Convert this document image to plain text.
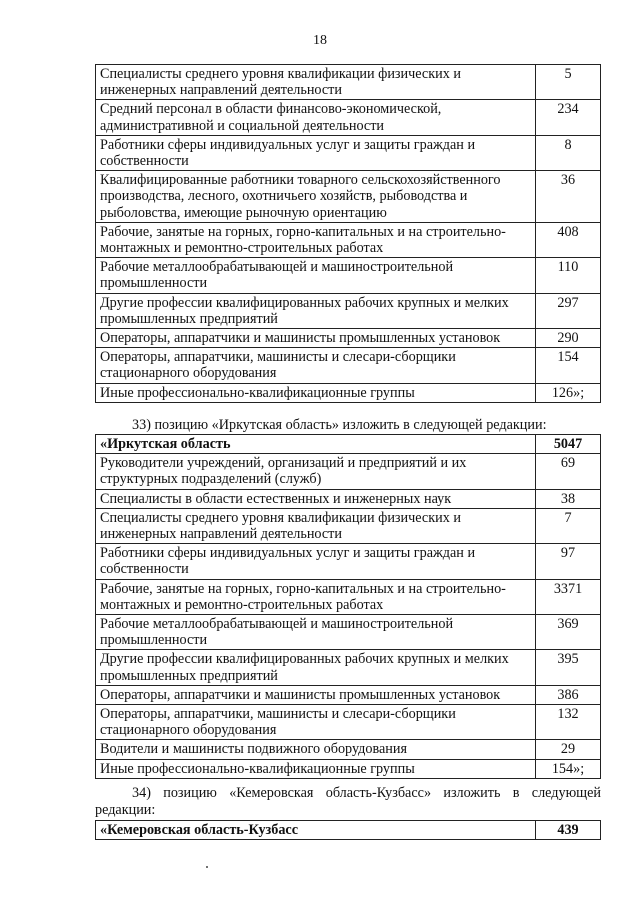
18
Специалисты среднего уровня квалификации физических и инженерных направлений деятельности	5
Средний персонал в области финансово-экономической, административной и социальной деятельности	234
Работники сферы индивидуальных услуг и защиты граждан и собственности	8
Квалифицированные работники товарного сельскохозяйственного производства, лесного, охотничьего хозяйств, рыбоводства и рыболовства, имеющие рыночную ориентацию	36
Рабочие, занятые на горных, горно-капитальных и на строительно-монтажных и ремонтно-строительных работах	408
Рабочие металлообрабатывающей и машиностроительной промышленности	110
Другие профессии квалифицированных рабочих крупных и мелких промышленных предприятий	297
Операторы, аппаратчики и машинисты промышленных установок	290
Операторы, аппаратчики, машинисты и слесари-сборщики стационарного оборудования	154
Иные профессионально-квалификационные группы	126»;
33) позицию «Иркутская область» изложить в следующей редакции:
«Иркутская область	5047
Руководители учреждений, организаций и предприятий и их структурных подразделений (служб)	69
Специалисты в области естественных и инженерных наук	38
Специалисты среднего уровня квалификации физических и инженерных направлений деятельности	7
Работники сферы индивидуальных услуг и защиты граждан и собственности	97
Рабочие, занятые на горных, горно-капитальных и на строительно-монтажных и ремонтно-строительных работах	3371
Рабочие металлообрабатывающей и машиностроительной промышленности	369
Другие профессии квалифицированных рабочих крупных и мелких промышленных предприятий	395
Операторы, аппаратчики и машинисты промышленных установок	386
Операторы, аппаратчики, машинисты и слесари-сборщики стационарного оборудования	132
Водители и машинисты подвижного оборудования	29
Иные профессионально-квалификационные группы	154»;
34) позицию «Кемеровская область-Кузбасс» изложить в следующей
редакции:
«Кемеровская область-Кузбасс	439
